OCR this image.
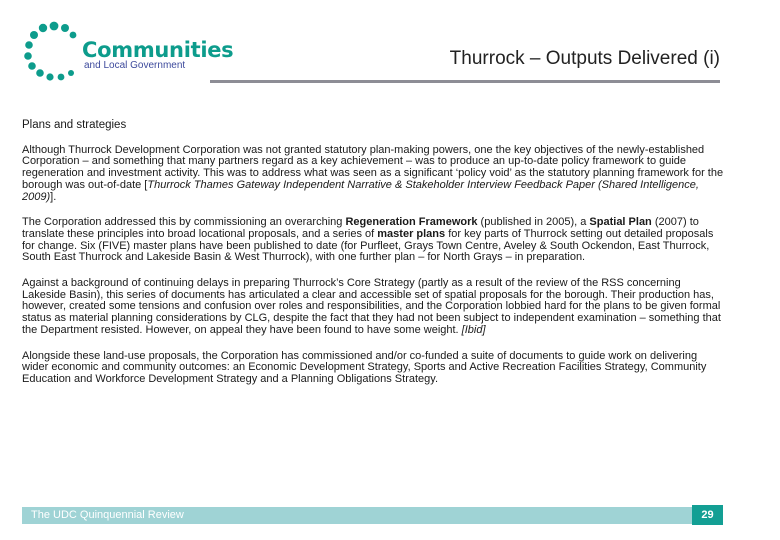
Communities
and Local Government	Thurrock – Outputs Delivered (i)
Plans and strategies

Although Thurrock Development Corporation was not granted statutory plan-making powers, one the key objectives of the newly-established Corporation – and something that many partners regard as a key achievement – was to produce an up-to-date policy framework to guide regeneration and investment activity. This was to address what was seen as a significant ‘policy void’ as the statutory planning framework for the borough was out-of-date [Thurrock Thames Gateway Independent Narrative & Stakeholder Interview Feedback Paper (Shared Intelligence, 2009)].

The Corporation addressed this by commissioning an overarching Regeneration Framework (published in 2005), a Spatial Plan (2007) to translate these principles into broad locational proposals, and a series of master plans for key parts of Thurrock setting out detailed proposals for change. Six (FIVE) master plans have been published to date (for Purfleet, Grays Town Centre, Aveley & South Ockendon, East Thurrock, South East Thurrock and Lakeside Basin & West Thurrock), with one further plan – for North Grays – in preparation.

Against a background of continuing delays in preparing Thurrock’s Core Strategy (partly as a result of the review of the RSS concerning Lakeside Basin), this series of documents has articulated a clear and accessible set of spatial proposals for the borough. Their production has, however, created some tensions and confusion over roles and responsibilities, and the Corporation lobbied hard for the plans to be given formal status as material planning considerations by CLG, despite the fact that they had not been subject to independent examination – something that the Department resisted. However, on appeal they have been found to have some weight. [Ibid]

Alongside these land-use proposals, the Corporation has commissioned and/or co-funded a suite of documents to guide work on delivering wider economic and community outcomes: an Economic Development Strategy, Sports and Active Recreation Facilities Strategy, Community Education and Workforce Development Strategy and a Planning Obligations Strategy.

The UDC Quinquennial Review	29
